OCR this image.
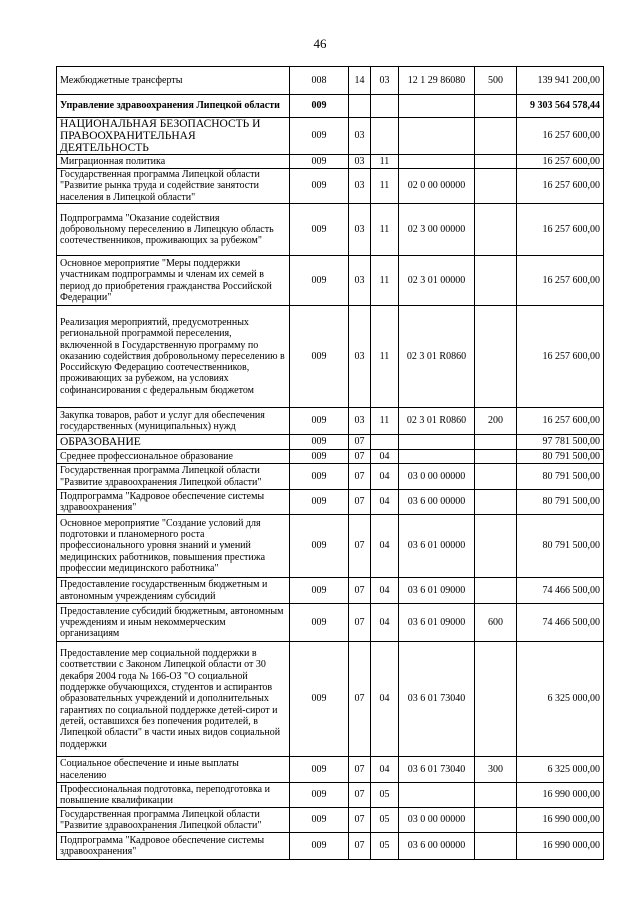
46
Межбюджетные трансферты	008	14	03	12 1 29 86080	500	139 941 200,00
Управление здравоохранения Липецкой области	009					9 303 564 578,44
НАЦИОНАЛЬНАЯ БЕЗОПАСНОСТЬ И ПРАВООХРАНИТЕЛЬНАЯ ДЕЯТЕЛЬНОСТЬ	009	03				16 257 600,00
Миграционная политика	009	03	11			16 257 600,00
Государственная программа Липецкой области "Развитие рынка труда и содействие занятости населения в Липецкой области"	009	03	11	02 0 00 00000		16 257 600,00
Подпрограмма "Оказание содействия добровольному переселению в Липецкую область соотечественников, проживающих за рубежом"	009	03	11	02 3 00 00000		16 257 600,00
Основное мероприятие "Меры поддержки участникам подпрограммы и членам их семей в период до приобретения гражданства Российской Федерации"	009	03	11	02 3 01 00000		16 257 600,00
Реализация мероприятий, предусмотренных региональной программой переселения, включенной в Государственную программу по оказанию содействия добровольному переселению в Российскую Федерацию соотечественников, проживающих за рубежом, на условиях софинансирования с федеральным бюджетом	009	03	11	02 3 01 R0860		16 257 600,00
Закупка товаров, работ и услуг для обеспечения государственных (муниципальных) нужд	009	03	11	02 3 01 R0860	200	16 257 600,00
ОБРАЗОВАНИЕ	009	07				97 781 500,00
Среднее профессиональное образование	009	07	04			80 791 500,00
Государственная программа Липецкой области "Развитие здравоохранения Липецкой области"	009	07	04	03 0 00 00000		80 791 500,00
Подпрограмма "Кадровое обеспечение системы здравоохранения"	009	07	04	03 6 00 00000		80 791 500,00
Основное мероприятие "Создание условий для подготовки и планомерного роста профессионального уровня знаний и умений медицинских работников, повышения престижа профессии медицинского работника"	009	07	04	03 6 01 00000		80 791 500,00
Предоставление государственным бюджетным и автономным учреждениям субсидий	009	07	04	03 6 01 09000		74 466 500,00
Предоставление субсидий бюджетным, автономным учреждениям и иным некоммерческим организациям	009	07	04	03 6 01 09000	600	74 466 500,00
Предоставление мер социальной поддержки в соответствии с Законом Липецкой области от 30 декабря 2004 года № 166-ОЗ "О социальной поддержке обучающихся, студентов и аспирантов образовательных учреждений и дополнительных гарантиях по социальной поддержке детей-сирот и детей, оставшихся без попечения родителей, в Липецкой области" в части иных видов социальной поддержки	009	07	04	03 6 01 73040		6 325 000,00
Социальное обеспечение и иные выплаты населению	009	07	04	03 6 01 73040	300	6 325 000,00
Профессиональная подготовка, переподготовка и повышение квалификации	009	07	05			16 990 000,00
Государственная программа Липецкой области "Развитие здравоохранения Липецкой области"	009	07	05	03 0 00 00000		16 990 000,00
Подпрограмма "Кадровое обеспечение системы здравоохранения"	009	07	05	03 6 00 00000		16 990 000,00
